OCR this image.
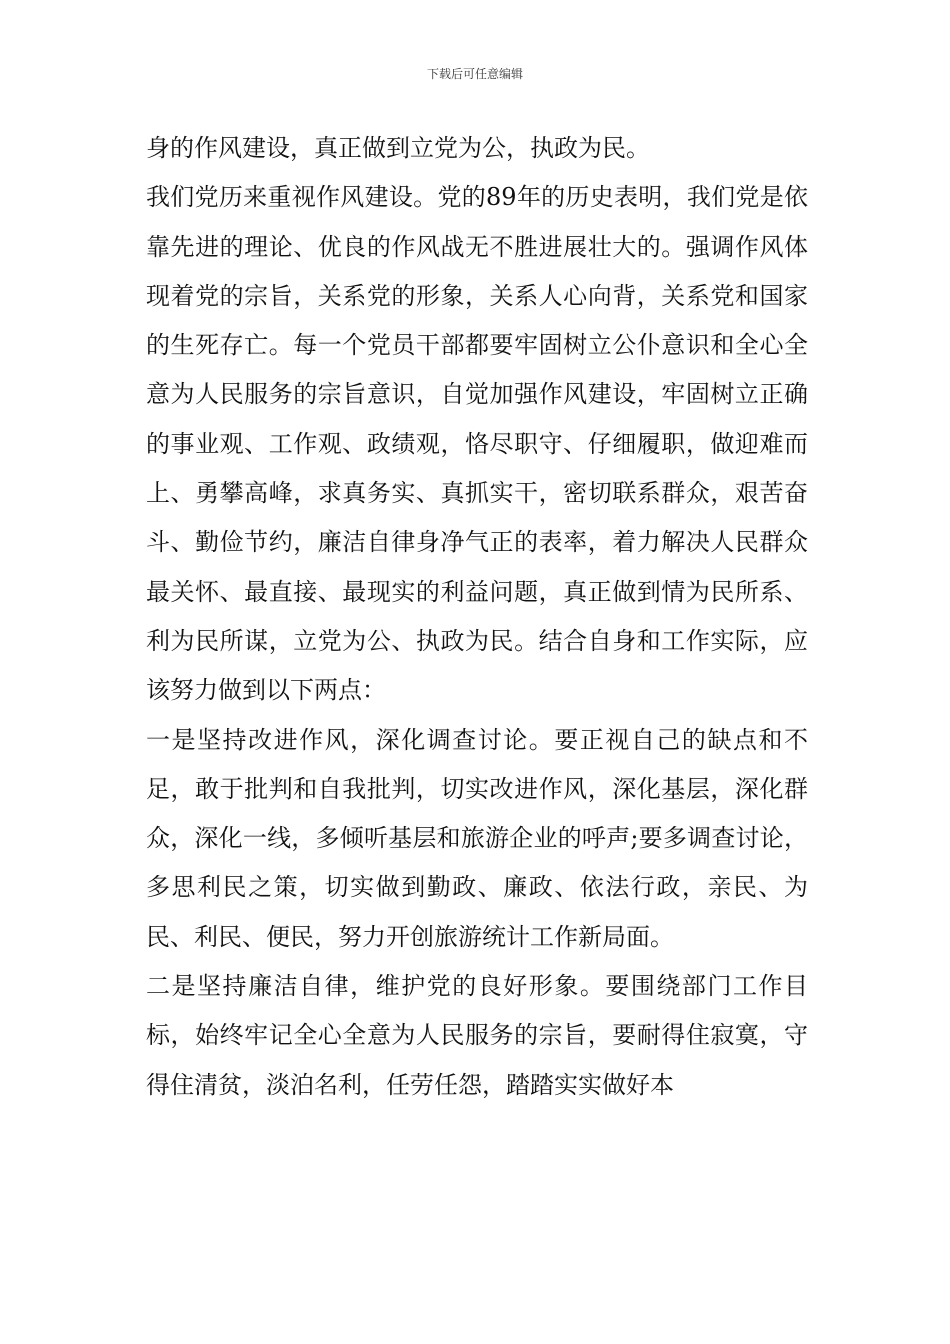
下载后可任意编辑

身的作风建设，真正做到立党为公，执政为民。

我们党历来重视作风建设。党的89年的历史表明，我们党是依靠先进的理论、优良的作风战无不胜进展壮大的。强调作风体现着党的宗旨，关系党的形象，关系人心向背，关系党和国家的生死存亡。每一个党员干部都要牢固树立公仆意识和全心全意为人民服务的宗旨意识，自觉加强作风建设，牢固树立正确的事业观、工作观、政绩观，恪尽职守、仔细履职，做迎难而上、勇攀高峰，求真务实、真抓实干，密切联系群众，艰苦奋斗、勤俭节约，廉洁自律身净气正的表率，着力解决人民群众最关怀、最直接、最现实的利益问题，真正做到情为民所系、利为民所谋，立党为公、执政为民。结合自身和工作实际，应该努力做到以下两点：

一是坚持改进作风，深化调查讨论。要正视自己的缺点和不足，敢于批判和自我批判，切实改进作风，深化基层，深化群众，深化一线，多倾听基层和旅游企业的呼声;要多调查讨论，多思利民之策，切实做到勤政、廉政、依法行政，亲民、为民、利民、便民，努力开创旅游统计工作新局面。

二是坚持廉洁自律，维护党的良好形象。要围绕部门工作目标，始终牢记全心全意为人民服务的宗旨，要耐得住寂寞，守得住清贫，淡泊名利，任劳任怨，踏踏实实做好本
